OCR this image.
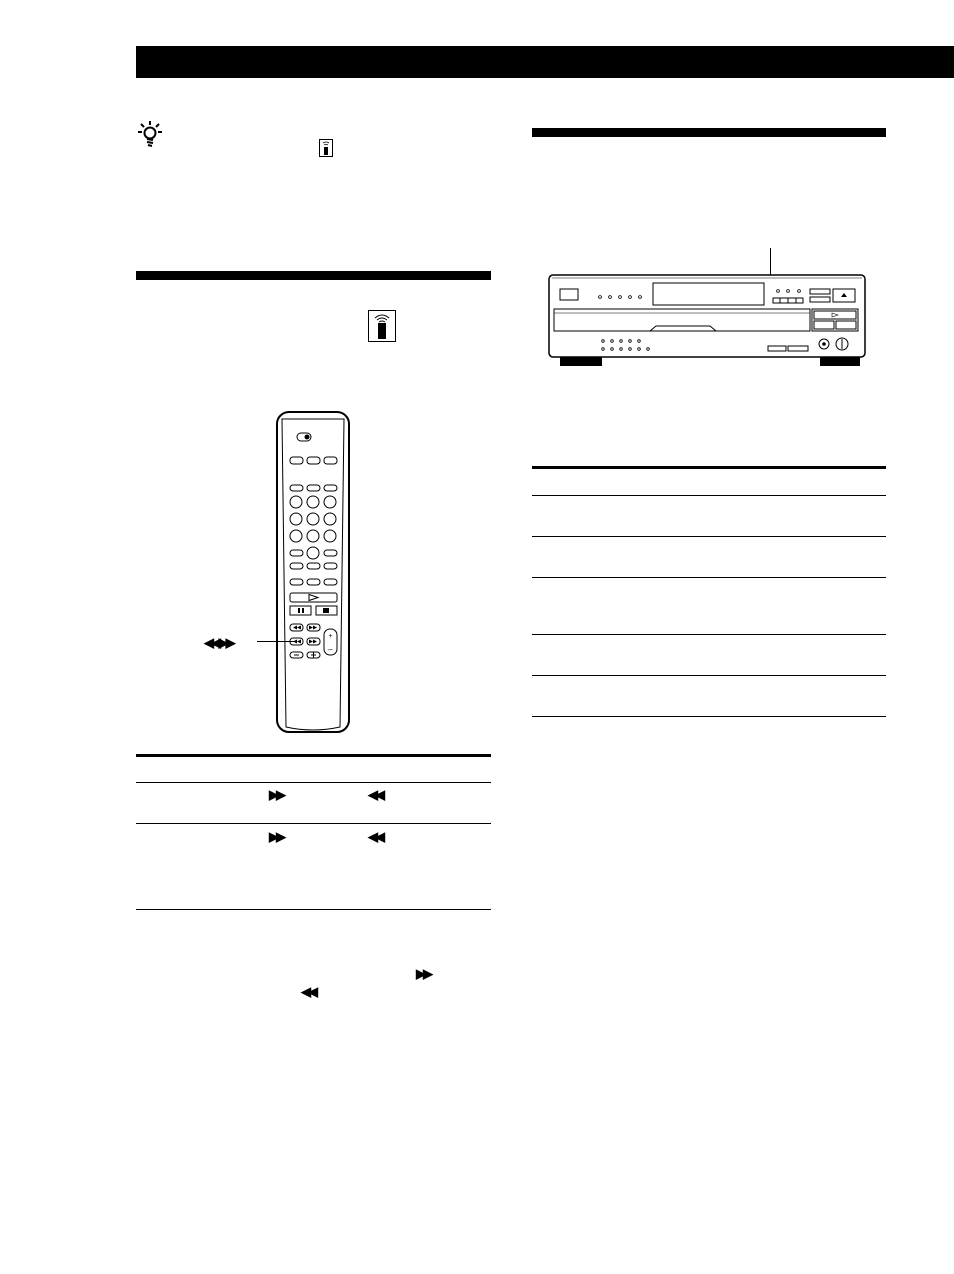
+
–
◀◀ ▶▶
▶▶	◀◀
▶▶	◀◀
▶▶
◀◀
